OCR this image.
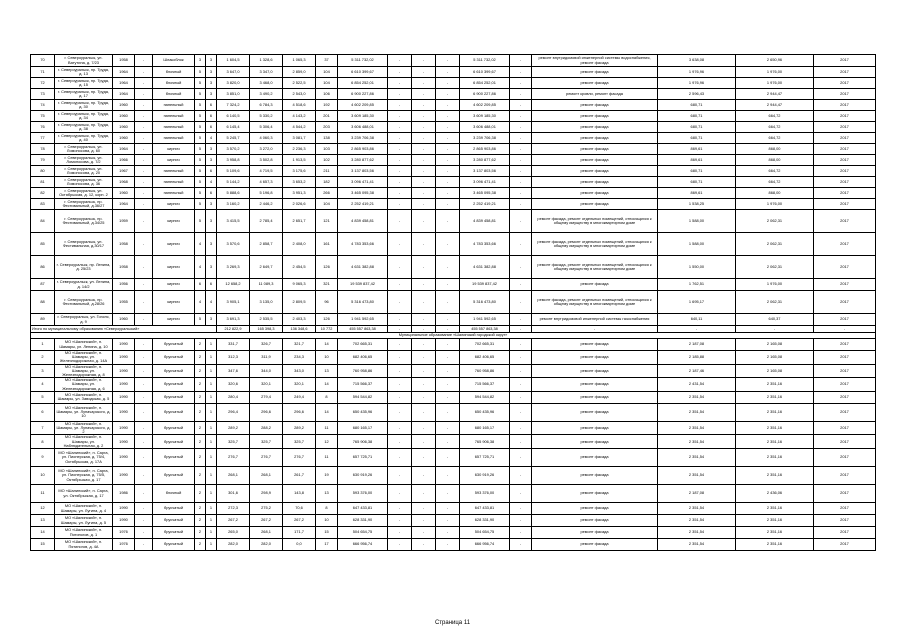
70	г. Североуральск, ул. Ватутина, д. 7/23	1958	-	Шлакоблок	3	3	1 604,5	1 328,6	1 065,3	37	5 311 732,02	-	-	-	5 311 732,02	-	ремонт внутридомовой инженерной системы водоснабжения, ремонт фасада	3 638,08	2 650,96	2017
71	г. Североуральск, пр. Труда, д. 13	1964	-	блочный	5	3	3 647,0	3 347,0	2 859,0	104	6 610 399,67	-	-	-	6 610 399,67	-	ремонт фасада	1 976,96	1 976,00	2017
72	г. Североуральск, пр. Труда, д. 15	1964	-	блочный	5	3	3 820,0	3 468,0	2 522,5	104	6 854 252,01	-	-	-	6 854 252,01	-	ремонт фасада	1 976,96	1 976,00	2017
73	г. Североуральск, пр. Труда, д. 17	1964	-	блочный	5	3	3 851,0	3 490,2	2 543,0	106	6 900 227,86	-	-	-	6 900 227,86	-	ремонт кровли, ремонт фасада	2 596,43	2 944,47	2017
74	г. Североуральск, пр. Труда, д. 30	1960	-	панельный	5	6	7 324,2	6 784,3	4 518,6	192	4 602 209,85	-	-	-	4 602 209,85	-	ремонт фасада	680,71	2 944,47	2017
75	г. Североуральск, пр. Труда, д. 34	1960	-	панельный	5	6	6 140,5	5 330,2	4 143,2	201	3 609 185,30	-	-	-	3 609 185,30	-	ремонт фасада	680,71	664,72	2017
76	г. Североуральск, пр. Труда, д. 38	1960	-	панельный	5	6	6 145,4	5 306,4	4 544,2	203	3 606 488,01	-	-	-	3 606 488,01	-	ремонт фасада	680,71	664,72	2017
77	г. Североуральск, пр. Труда, д. 40	1960	-	панельный	5	4	5 245,7	4 060,3	3 081,7	138	3 239 706,38	-	-	-	3 239 706,38	-	ремонт фасада	680,71	664,72	2017
78	г. Североуральск, ул. Ломоносова, д. 60	1964	-	кирпич	5	3	3 570,2	3 272,0	2 236,3	103	2 865 903,86	-	-	-	2 865 903,86	-	ремонт фасада	869,61	868,00	2017
79	г. Североуральск, ул. Ломоносова, д. 7/2	1966	-	кирпич	5	3	3 958,8	3 502,8	1 913,5	102	3 280 877,62	-	-	-	3 280 877,62	-	ремонт фасада	869,61	868,00	2017
80	г. Североуральск, ул. Ломоносова, д. 20	1967	-	панельный	5	6	5 109,6	4 719,5	3 175,6	211	3 137 803,56	-	-	-	3 137 803,56	-	ремонт фасада	680,71	664,72	2017
81	г. Североуральск, ул. Ломоносова, д. 36	1968	-	панельный	5	4	5 144,2	4 657,3	3 653,2	182	3 096 471,41	-	-	-	3 096 471,41	-	ремонт фасада	680,71	664,72	2017
82	г. Североуральск, ул. Октябрьская, д. 12, корп. 2	1960	-	панельный	5	6	5 888,6	5 196,8	3 951,3	266	3 465 095,38	-	-	-	3 465 095,38	-	ремонт фасада	869,61	868,00	2017
83	г. Североуральск, пр. Фестивальный, д.36/27	1964	-	кирпич	5	3	3 160,2	2 446,2	2 026,6	104	2 252 419,21	-	-	-	2 252 419,21	-	ремонт фасада	1 538,25	1 976,00	2017
84	г. Североуральск, пр. Фестивальный, д.34/25	1959	-	кирпич	5	3	3 415,5	2 785,4	2 651,7	121	4 839 458,81	-	-	-	4 839 458,81	-	ремонт фасада, ремонт отдельных помещений, относящихся к общему имуществу в многоквартирном доме	1 588,00	2 062,31	2017
85	г. Североуральск, ул. Фестивальная, д.30/17	1958	-	кирпич	4	3	3 570,6	2 858,7	2 408,0	161	4 783 353,66	-	-	-	4 783 353,66	-	ремонт фасада, ремонт отдельных помещений, относящихся к общему имуществу в многоквартирном доме	1 588,00	2 062,31	2017
86	г. Североуральск, пр. Ленина, д. 25/23	1958	-	кирпич	4	3	3 269,3	2 649,7	2 454,5	126	4 631 382,88	-	-	-	4 631 382,88	-	ремонт фасада, ремонт отдельных помещений, относящихся к общему имуществу в многоквартирном доме	1 550,00	2 062,31	2017
87	г. Североуральск, ул. Ленина, д. 14/2	1956	-	кирпич	6	6	12 658,2	11 089,3	9 065,3	321	19 539 837,42	-	-	-	19 539 837,42	-	ремонт фасада	1 762,51	1 976,00	2017
88	г. Североуральск, пр. Фестивальный, д.28/26	1955	-	кирпич	4	4	3 905,1	3 135,0	2 809,5	96	5 316 473,80	-	-	-	5 316 473,80	-	ремонт фасада, ремонт отдельных помещений, относящихся к общему имуществу в многоквартирном доме	1 695,17	2 062,31	2017
89	г. Североуральск, ул. Гоголя, д. 9	1960	-	кирпич	5	3	3 691,3	2 535,5	2 403,3	126	1 941 592,65	-	-	-	1 941 592,65	-	ремонт внутридомовой инженерной системы газоснабжения	640,11	640,37	2017
Итого по муниципальному образованию «Североуральский»							212 822,9	165 398,3	136 348,6	10 772	455 557 863,38	-	-	-	455 557 863,38	-	-	-	-	-
Муниципальное образование «Шалинский городской округ»																				
1	МО «Шалинский», п. Шамары, ул. Ленина, д. 10	1990	-	брусчатый	2	1	331,7	326,7	321,7	14	702 665,31	-	-	-	702 665,31	-	ремонт фасада	2 187,08	2 165,08	2017
2	МО «Шалинский», п. Шамары, ул. Железнодорожная, д. 14А	1990	-	брусчатый	2	1	312,3	311,9	234,3	10	682 406,65	-	-	-	682 406,65	-	ремонт фасада	2 185,88	2 165,08	2017
3	МО «Шалинский», п. Шамары, ул. Железнодорожная, д. 8	1990	-	брусчатый	2	1	347,6	344,0	343,0	13	760 958,86	-	-	-	760 958,86	-	ремонт фасада	2 187,46	2 165,08	2017
4	МО «Шалинский», п. Шамары, ул. Железнодорожная, д. 6	1990	-	брусчатый	2	1	320,6	320,1	320,1	14	715 566,37	-	-	-	715 566,37	-	ремонт фасада	2 431,54	2 351,16	2017
5	МО «Шалинский», п. Шамары, ул. Заводская, д. 5	1990	-	брусчатый	2	1	280,4	279,4	249,4	8	594 544,82	-	-	-	594 544,82	-	ремонт фасада	2 351,54	2 351,16	2017
6	МО «Шалинский», п. Шамары, ул. Луначарского, д. 10	1990	-	брусчатый	2	1	296,4	296,6	296,6	14	650 435,96	-	-	-	650 435,96	-	ремонт фасада	2 351,54	2 351,16	2017
7	МО «Шалинский», п. Шамары, ул. Луначарского, д. 2	1990	-	брусчатый	2	1	289,2	288,2	289,2	11	680 165,17	-	-	-	680 165,17	-	ремонт фасада	2 351,54	2 351,16	2017
8	МО «Шалинский», п. Шамары, ул. Наблюдательная, д. 2	1990	-	брусчатый	2	1	325,7	325,7	325,7	12	765 906,38	-	-	-	765 906,38	-	ремонт фасада	2 351,54	2 351,16	2017
9	МО «Шалинский», п. Сарга, ул. Пионерская, д. 75/4, Октябрьская, д. 17А	1990	-	брусчатый	2	1	276,7	276,7	276,7	11	657 725,71	-	-	-	657 725,71	-	ремонт фасада	2 351,54	2 351,16	2017
10	МО «Шалинский», п. Сарга, ул. Пионерская, д. 75/5, Октябрьская, д. 17	1990	-	брусчатый	2	1	268,1	268,1	261,7	19	630 919,26	-	-	-	630 919,26	-	ремонт фасада	2 351,54	2 351,16	2017
11	МО «Шалинский», п. Сарга, ул. Октябрьская, д. 17	1986	-	блочный	2	1	301,6	298,9	143,8	13	593 376,00	-	-	-	593 376,00	-	ремонт фасада	2 187,08	2 436,06	2017
12	МО «Шалинский», п. Шамары, ул. Лугина, д. 4	1990	-	брусчатый	2	1	272,3	275,2	70,6	8	647 433,81	-	-	-	647 433,81	-	ремонт фасада	2 351,54	2 351,16	2017
13	МО «Шалинский», п. Шамары, ул. Лугина, д. 5	1990	-	брусчатый	2	1	267,2	267,2	267,2	10	628 331,90	-	-	-	628 331,90	-	ремонт фасада	2 351,54	2 351,16	2017
14	МО «Шалинский», п. Пятипогов, д. 1	1976	-	брусчатый	2	1	265,0	268,1	171,7	15	504 654,75	-	-	-	504 654,75	-	ремонт фасада	2 351,54	2 351,16	2017
15	МО «Шалинский», п. Пятипогов, д. 4А	1976	-	брусчатый	2	1	282,0	282,0	0,0	17	666 956,74	-	-	-	666 956,74	-	ремонт фасада	2 351,54	2 351,16	2017
Страница 11
